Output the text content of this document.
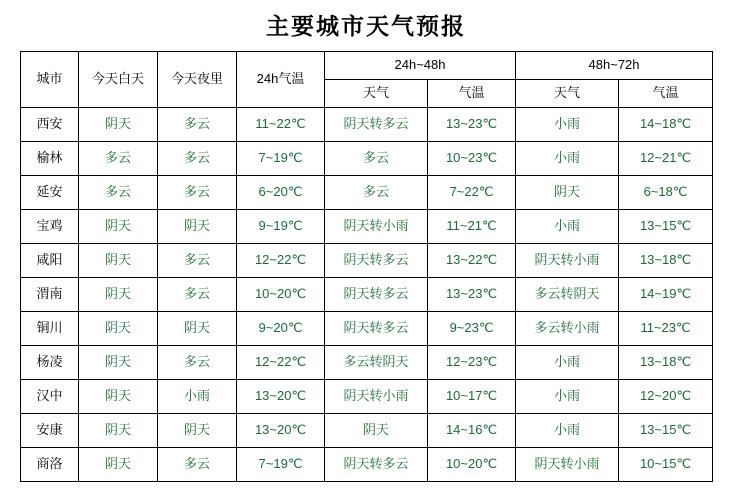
主要城市天气预报
城市	今天白天	今天夜里	24h气温	24h~48h		48h~72h	
				天气	气温	天气	气温
西安	阴天	多云	11~22℃	阴天转多云	13~23℃	小雨	14~18℃
榆林	多云	多云	7~19℃	多云	10~23℃	小雨	12~21℃
延安	多云	多云	6~20℃	多云	7~22℃	阴天	6~18℃
宝鸡	阴天	阴天	9~19℃	阴天转小雨	11~21℃	小雨	13~15℃
咸阳	阴天	多云	12~22℃	阴天转多云	13~22℃	阴天转小雨	13~18℃
渭南	阴天	多云	10~20℃	阴天转多云	13~23℃	多云转阴天	14~19℃
铜川	阴天	阴天	9~20℃	阴天转多云	9~23℃	多云转小雨	11~23℃
杨凌	阴天	多云	12~22℃	多云转阴天	12~23℃	小雨	13~18℃
汉中	阴天	小雨	13~20℃	阴天转小雨	10~17℃	小雨	12~20℃
安康	阴天	阴天	13~20℃	阴天	14~16℃	小雨	13~15℃
商洛	阴天	多云	7~19℃	阴天转多云	10~20℃	阴天转小雨	10~15℃
